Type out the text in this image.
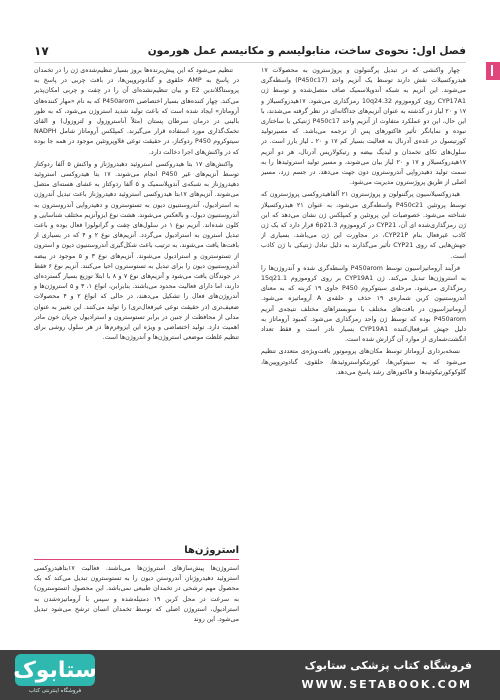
فصل اول: نحوه‌ی ساخت، متابولیسم و مکانیسم عمل هورمون
۱۷

چهار واکنشی که در تبدیل پرگننولون و پروژسترون به محصولات ۱۷ هیدروکسیلات نقش دارند توسط یک آنزیم واحد (P450c17) واسطه‌گری می‌شوند. این آنزیم به شبکه آندوپلاسمیک صاف متصل‌شده و توسط ژن CYP17A1 روی کروموزوم 10q24.32 رمزگذاری می‌شود. ۱۷هیدروکسیلاز و ۱۷ و ۲۰ لیاز در گذشته به عنوان آنزیم‌های جداگانه‌ای در نظر گرفته می‌شدند، با این حال، این دو عملکرد متفاوت از آنزیم واحد P450c17 ژنتیکی یا ساختاری نبوده و نمایانگر تأثیر فاکتورهای پس از ترجمه می‌باشد. که مسیرتولید کورتیسول در غده‌ی آدرنال به فعالیت بسیار کم ۱۷ و ۲۰ ـ لیاز بارز است. در سلول‌های تکای تخمدان و لیدیگ بیضه و رتیکولاریس آدرنال، هر دو آنزیم ۱۷هیدروکسیلاز و ۱۷ و ۲۰ لیاز بیان می‌شوند، و مسیر تولید استروئیدها را به سمت تولید دهیدرواپی آندروسترون دون جهت می‌دهد. در جسم زرد، مسیر اصلی از طریق پروژسترون مدیریت می‌شود.

هیدروکسیلاسیون پرگننولون و پروژسترون ۲۱ آلفاهیدروکسی پروژسترون که توسط پروتئین P450c21 واسطه‌گری می‌شود، به عنوان ۲۱ هیدروکسیلاز شناخته می‌شود. خصوصیات این پروتئین و کمپلکس ژن نشان می‌دهد که این ژن رمزگذاری‌شده ای آن، CYP21 در کروموزوم 6p21.3 قرار دارد که یک ژن کاذب غیرفعال بنام CYP21P، در مجاورت این ژن می‌باشد. بسیاری از جهش‌هایی که روی CYP21 تأثیر می‌گذارند به دلیل تبادل ژنتیکی با ژن کاذب است.

فرآیند آروماتیزاسیون توسط P450arom واسطه‌گری شده و آندروژن‌ها را به استروژن‌ها تبدیل می‌کند. ژن CYP19A1 بر روی کروموزوم 15q21.1 رمزگذاری می‌شود. مرحله‌ی سیتوکروم P450 حاوی ۱۹ کربنه که به معنای آندروستنیون کربن شماره‌ی ۱۹ حذف و حلقه‌ی A آروماتیزه می‌شود. آروماتیزاسیون در بافت‌های مختلف با سوبستراهای مختلف نتیجه‌ی آنزیم P450arom بوده که توسط ژن واحد رمزگذاری می‌شود. کمبود آروماتاز به دلیل جهش غیرفعال‌کننده CYP19A1 بسیار نادر است و فقط تعداد انگشت‌شماری از موارد آن گزارش شده است.

نسخه‌برداری آروماتاز توسط مکان‌های پروموتور بافت‌ویژه‌ی متعددی تنظیم می‌شود که به سیتوکین‌ها، کورتیکواستروئیدها، حلقوی، گنادوتروپین‌ها، گلوکوکورتیکوئیدها و فاکتورهای رشد پاسخ می‌دهد.

تنظیم می‌شود که این پیش‌برنده‌ها بروز بسیار تنظیم‌شده‌ی ژن را در تخمدان در پاسخ به AMP حلقوی و گنادوتروپین‌ها، در بافت چربی در پاسخ به پروستاگلاندین E2 و بیان تنظیم‌نشده‌ای آن را در چفت و چربی امکان‌پذیر می‌کند. چهار کننده‌های بسیار اختصاصی P450arom که به نام «مهار کننده‌های آروماتاز» ایجاد شده است که باعث تولید شدید استروژن می‌شود، که به طور بالینی در درمان سرطان پستان (مثلاً آناستروزول و لتروزول) و القای تخمک‌گذاری مورد استفاده قرار می‌گیرند. کمپلکس آروماتاز شامل NADPH سیتوکروم P450 ردوکتاز، در حقیقت توعی فلاوپروتئین موجود در همه جا بوده که در واکنش‌های اجرا دخالت دارد.

واکنش‌های ۱۷ بتا هیدروکسی استروئید دهیدروژناز و واکنش ۵ آلفا ردوکتاز توسط آنزیم‌های غیر P450 انجام می‌شوند. ۱۷ بتا هیدروکسی استروئید دهیدروژناز به شبکه‌ی آندوپلاسمیک و ۵ آلفا ردوکتاز به غشای هسته‌ای متصل می‌شوند. آنزیم‌های ۱۷بتا هیدروکسی استروئید دهیدروژناز باعث تبدیل آندروژن به استرادیول، آندروستنیون دیون به تستوسترون و دهیدرواپی آندروسترون به آندروستنیون دیول، و بالعکس می‌شوند. هشت نوع ایزوآنزیم مختلف شناسایی و کلون شده‌اند. آنزیم نوع ۱ در سلول‌های چفت و گرانولوزا فعال بوده و باعث تبدیل استرون به استرادیول می‌گردد. آنزیم‌های نوع ۲ و ۴ که در بسیاری از بافت‌ها یافت می‌شوند، به ترتیب باعث شکل‌گیری آندروستنیون دیون و استرون از تستوسترون و استرادیول می‌شوند. آنزیم‌های نوع ۳ و ۵ موجود در بیضه آندروستنیون دیون را برای تبدیل به تستوسترون احیا می‌کنند. آنزیم نوع ۶ فقط در جوندگان یافت می‌شود و آنزیم‌های نوع ۷ و ۸ با ابتلا توزیع بسیار گسترده‌ای دارند، اما دارای فعالیت محدود می‌باشند. بنابراین، انواع ۱، ۳ و ۵ استروژن‌ها و آندروژن‌های فعال را تشکیل می‌دهند، در حالی که انواع ۲ و ۴ محصولات ضعیف‌تری (در حقیقت نوعی غیرفعال‌تری) را تولید می‌کنند. این تغییر به عنوان مدلی از محافظت از جنین در برابر تستوسترون و استرادیول جریان خون مادر اهمیت دارد. تولید اختصاصی و ویژه این ایزوفرم‌ها در هر سلول روشی برای تنظیم غلظت موضعی استروژن‌ها و آندروژن‌ها است.

استروژن‌ها
استروژن‌ها پیش‌سازهای استروژن‌ها می‌باشند. فعالیت ۱۷بتاهیدروکسی استروئید دهیدروژناز، آندروستن دیون را به تستوسترون تبدیل می‌کند که یک محصول مهم ترشحی در تخمدان طبیعی نمی‌باشد. این محصول (تستوسترون) به سرعت در محل کربن ۱۹ دمتیله‌شده و سپس با آروماتیزه‌شدن به استرادیول، استروژن اصلی که توسط تخمدان انسان ترشح می‌شود تبدیل می‌شود. این روند
ستابوک
فروشگاه اینترنتی کتاب
فروشگاه کتاب پزشکی ستابوک
WWW.SETABOOK.COM
